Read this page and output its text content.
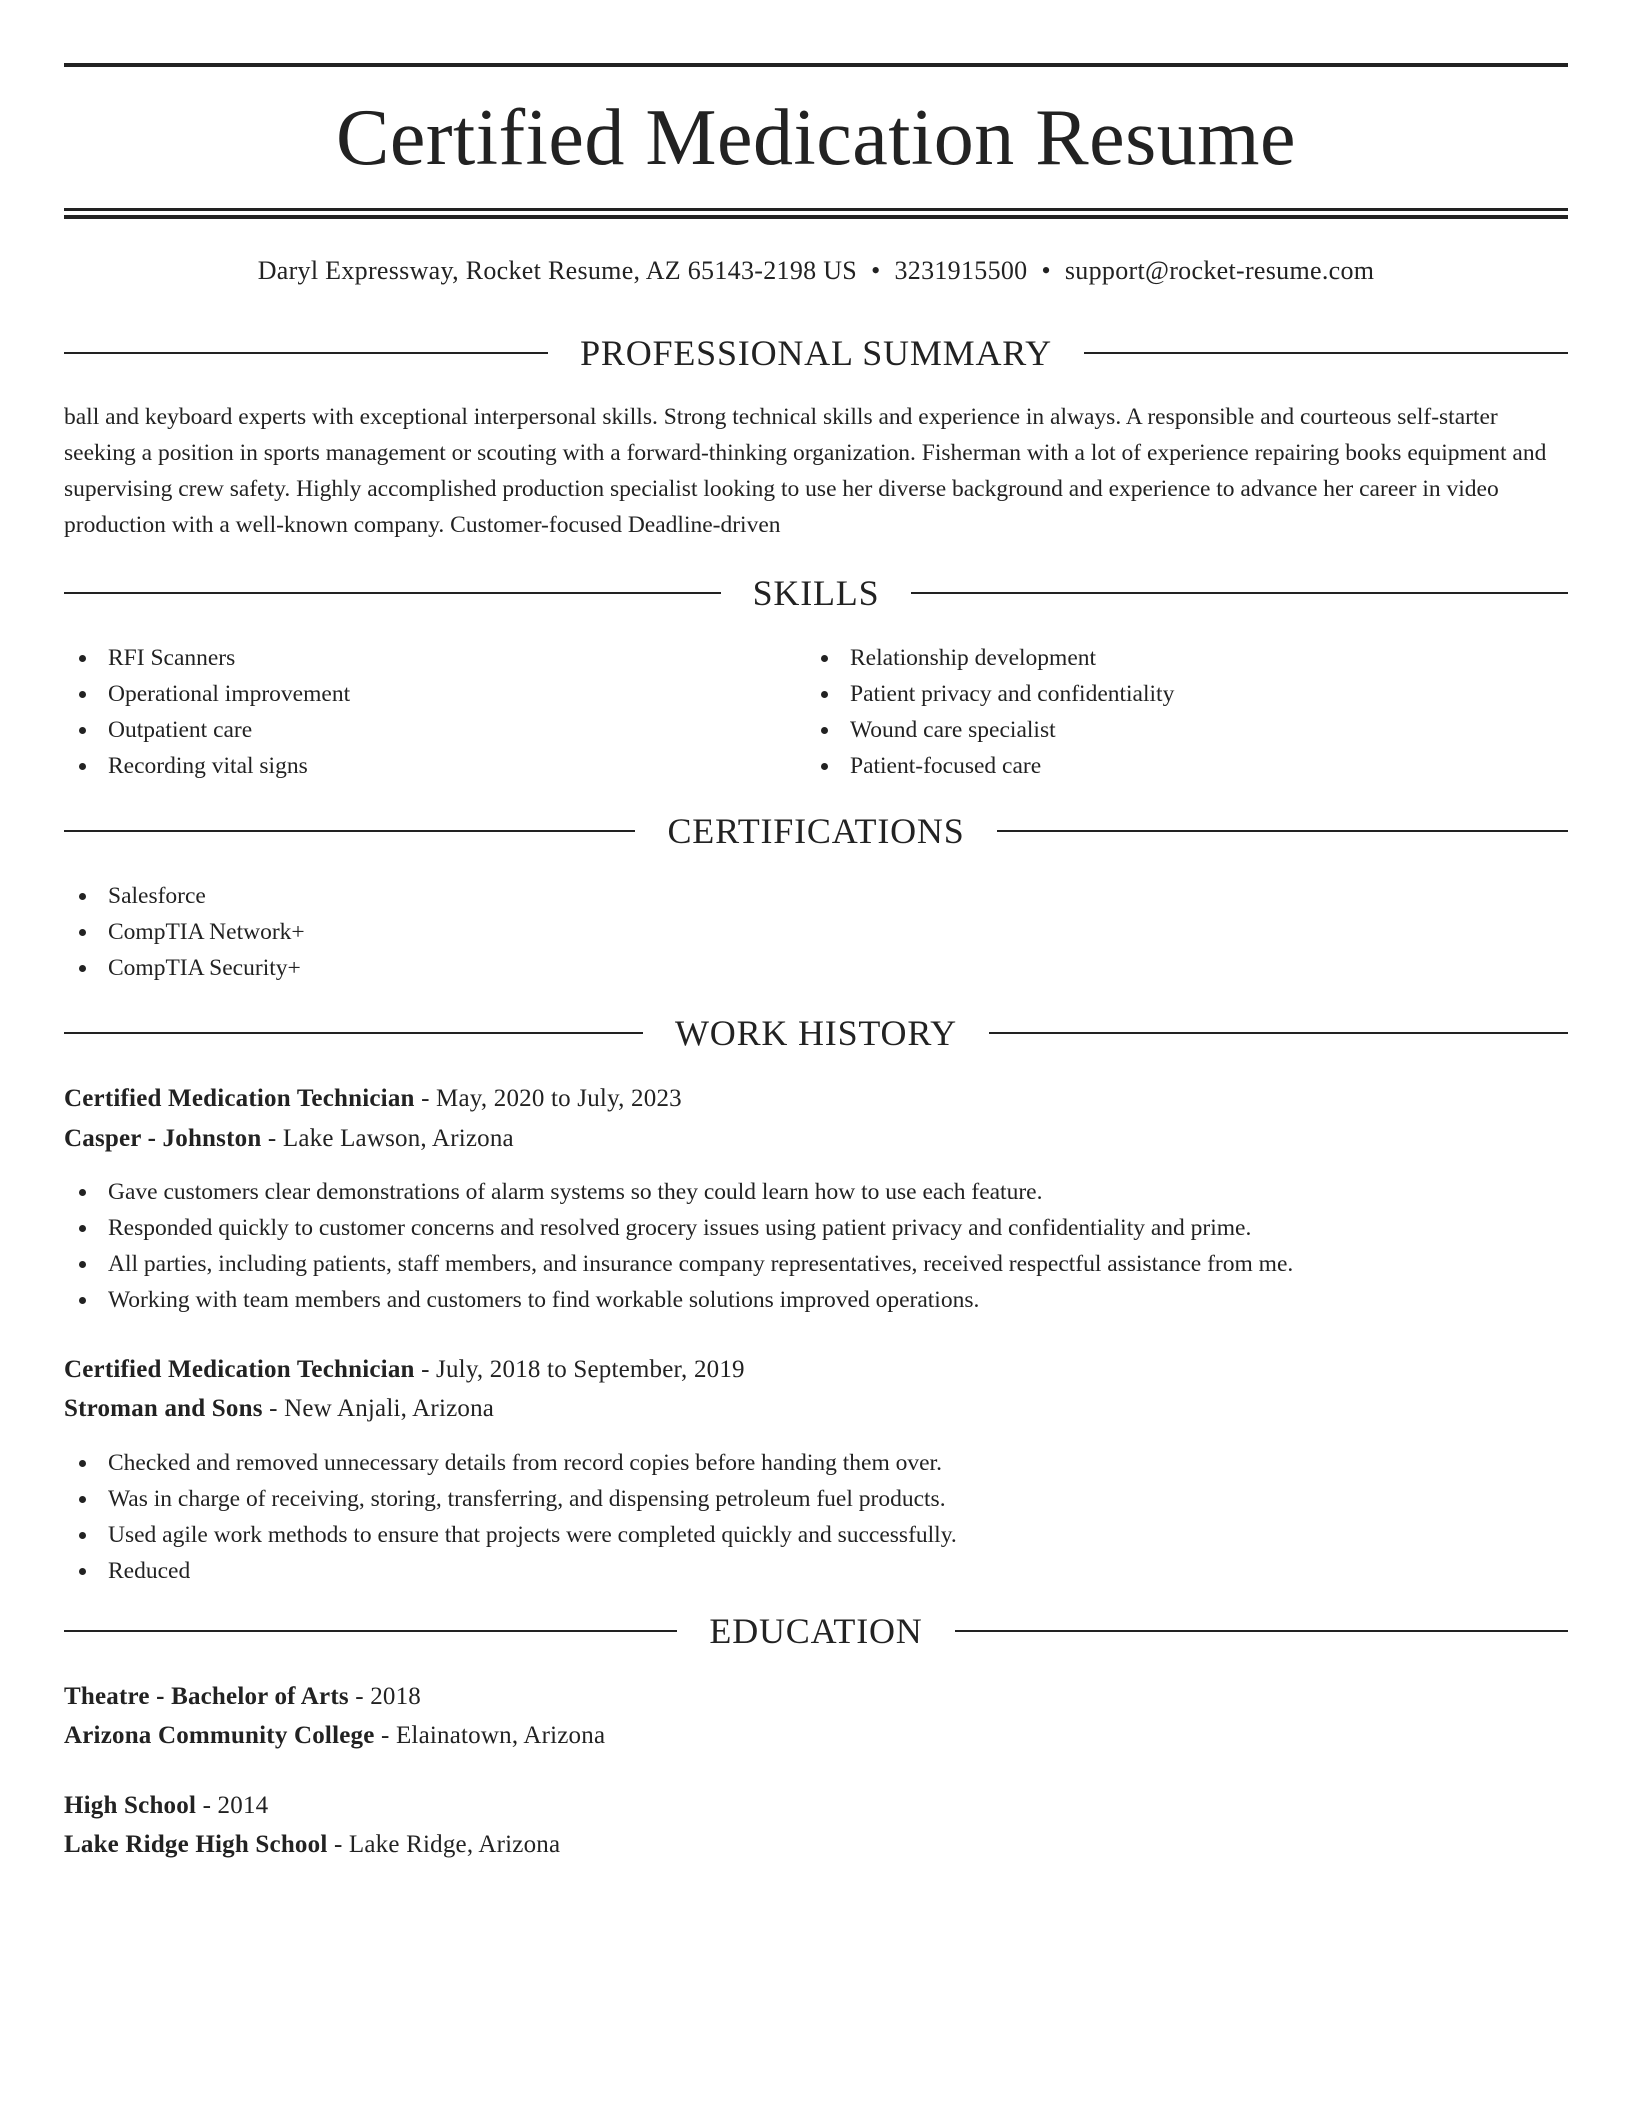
Certified Medication Resume
Daryl Expressway, Rocket Resume, AZ 65143-2198 US • 3231915500 • support@rocket-resume.com
PROFESSIONAL SUMMARY

ball and keyboard experts with exceptional interpersonal skills. Strong technical skills and experience in always. A responsible and courteous self-starter seeking a position in sports management or scouting with a forward-thinking organization. Fisherman with a lot of experience repairing books equipment and supervising crew safety. Highly accomplished production specialist looking to use her diverse background and experience to advance her career in video production with a well-known company. Customer-focused Deadline-driven

SKILLS
RFI Scanners
Operational improvement
Outpatient care
Recording vital signs
Relationship development
Patient privacy and confidentiality
Wound care specialist
Patient-focused care
CERTIFICATIONS
Salesforce
CompTIA Network+
CompTIA Security+
WORK HISTORY
Certified Medication Technician - May, 2020 to July, 2023
Casper - Johnston - Lake Lawson, Arizona
Gave customers clear demonstrations of alarm systems so they could learn how to use each feature.
Responded quickly to customer concerns and resolved grocery issues using patient privacy and confidentiality and prime.
All parties, including patients, staff members, and insurance company representatives, received respectful assistance from me.
Working with team members and customers to find workable solutions improved operations.
Certified Medication Technician - July, 2018 to September, 2019
Stroman and Sons - New Anjali, Arizona
Checked and removed unnecessary details from record copies before handing them over.
Was in charge of receiving, storing, transferring, and dispensing petroleum fuel products.
Used agile work methods to ensure that projects were completed quickly and successfully.
Reduced
EDUCATION
Theatre - Bachelor of Arts - 2018
Arizona Community College - Elainatown, Arizona
High School - 2014
Lake Ridge High School - Lake Ridge, Arizona
